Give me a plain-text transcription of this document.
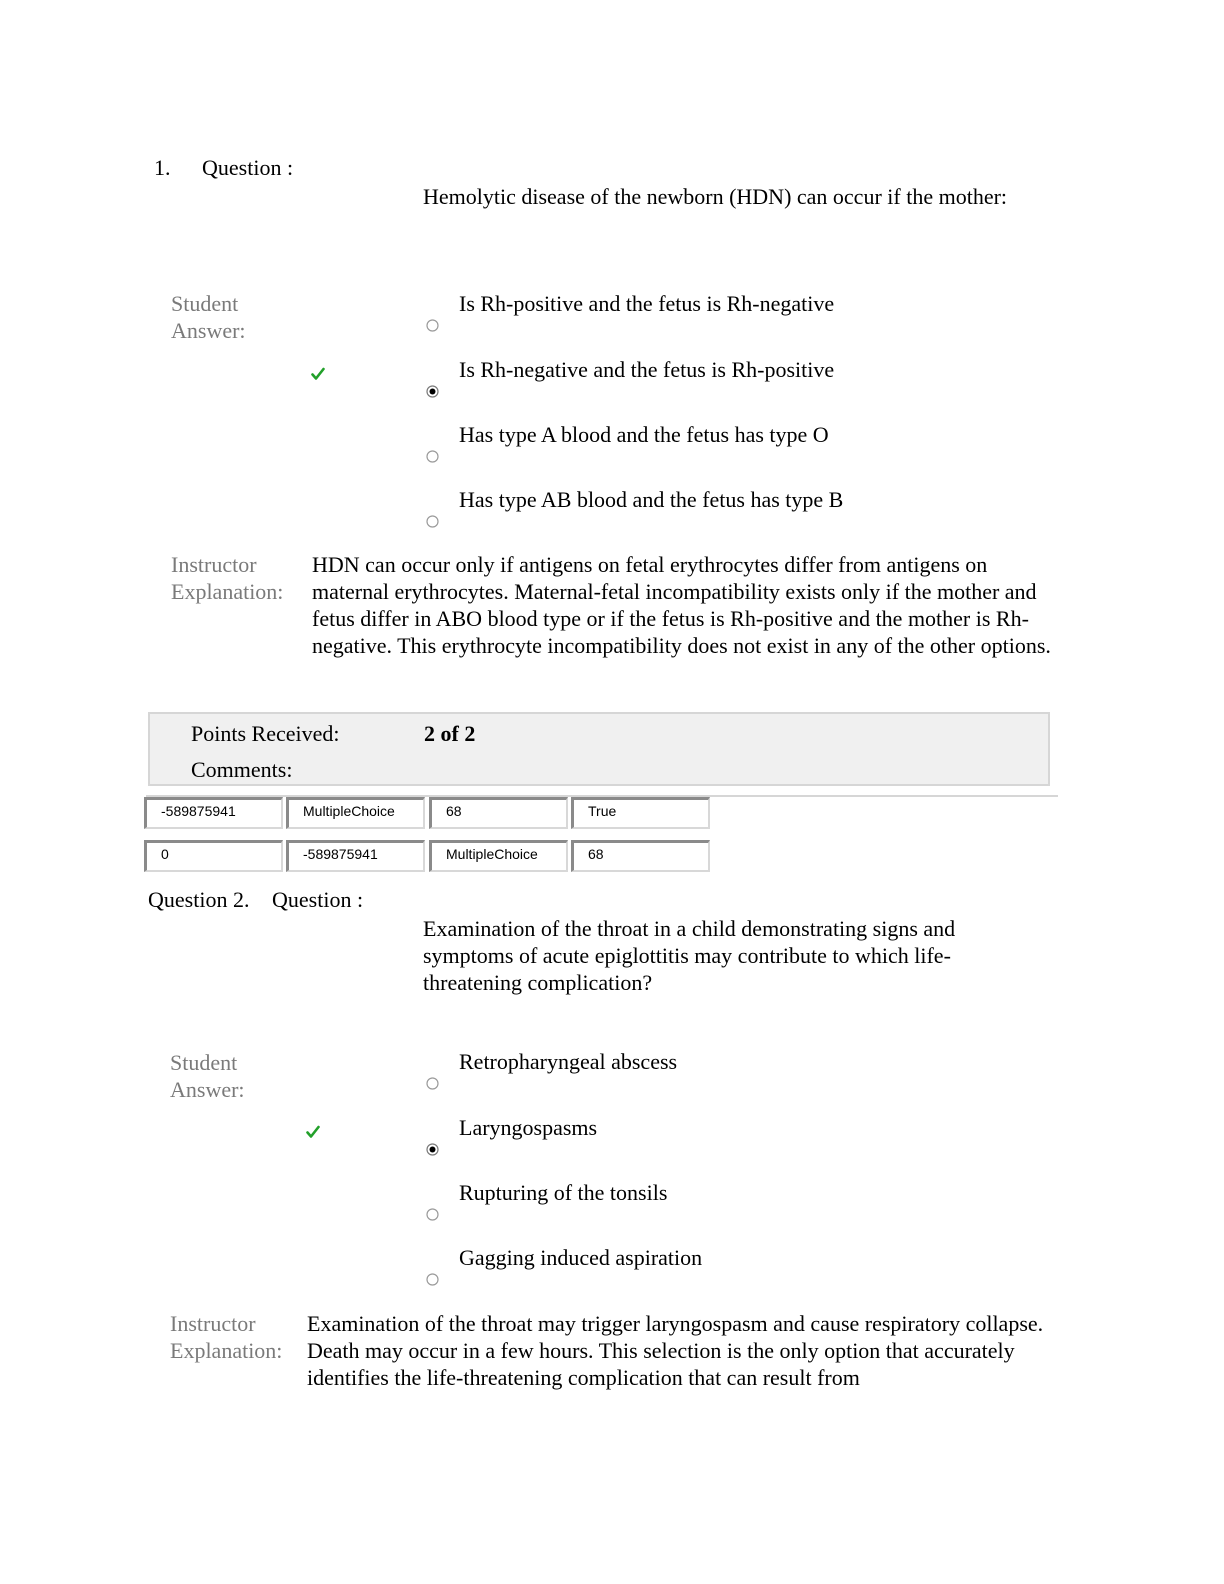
1. Question :
Hemolytic disease of the newborn (HDN) can occur if the mother:
Student Answer:
Is Rh-positive and the fetus is Rh-negative
Is Rh-negative and the fetus is Rh-positive
Has type A blood and the fetus has type O
Has type AB blood and the fetus has type B
Instructor Explanation:
HDN can occur only if antigens on fetal erythrocytes differ from antigens on maternal erythrocytes. Maternal-fetal incompatibility exists only if the mother and fetus differ in ABO blood type or if the fetus is Rh-positive and the mother is Rh-negative. This erythrocyte incompatibility does not exist in any of the other options.
Points Received:	2 of 2
Comments:
-589875941	MultipleChoice	68	True
0	-589875941	MultipleChoice	68
Question 2. Question :
Examination of the throat in a child demonstrating signs and symptoms of acute epiglottitis may contribute to which life-threatening complication?
Student Answer:
Retropharyngeal abscess
Laryngospasms
Rupturing of the tonsils
Gagging induced aspiration
Instructor Explanation:
Examination of the throat may trigger laryngospasm and cause respiratory collapse. Death may occur in a few hours. This selection is the only option that accurately identifies the life-threatening complication that can result from
